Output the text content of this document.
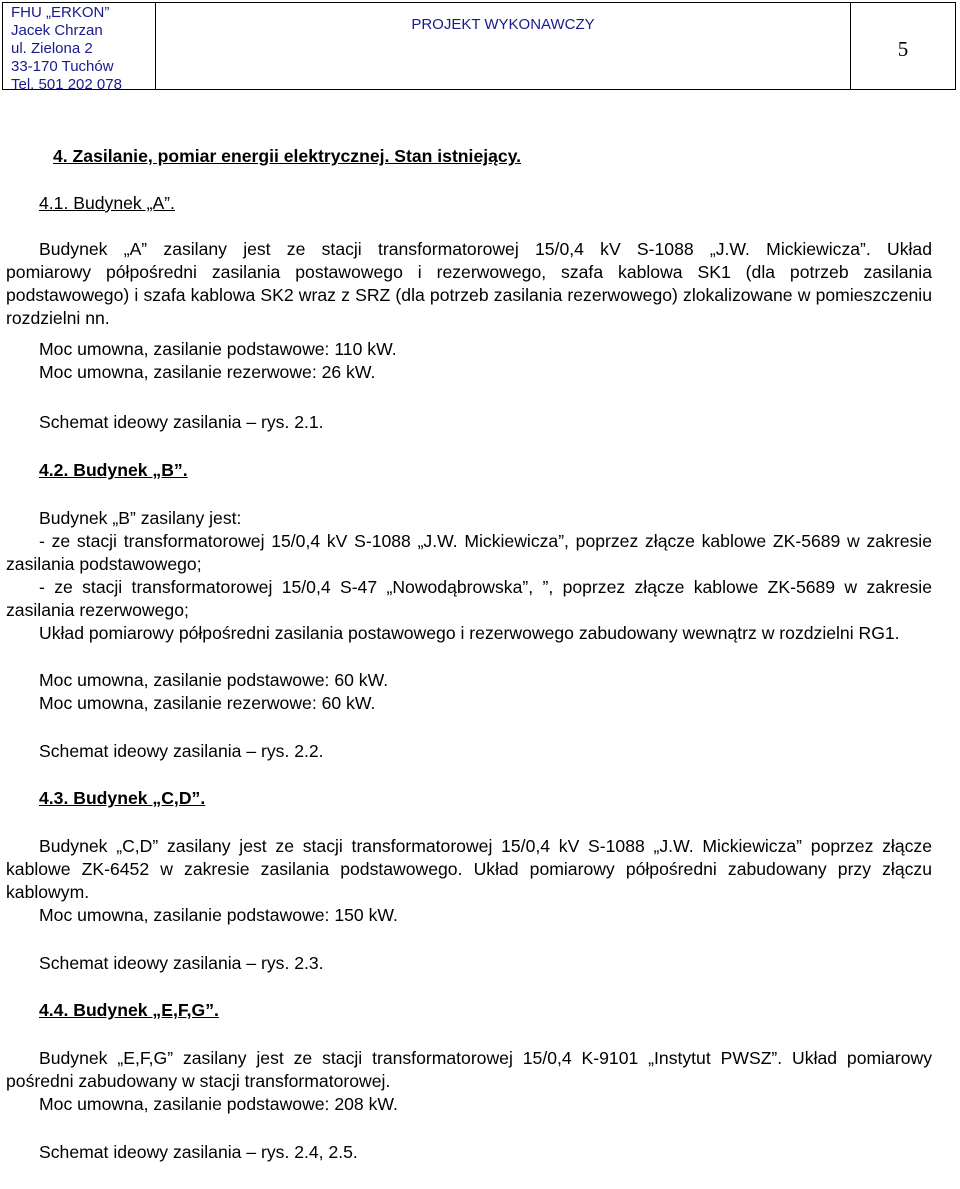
FHU „ERKON”
Jacek Chrzan
ul. Zielona 2
33-170 Tuchów
Tel. 501 202 078
PROJEKT WYKONAWCZY
5
4. Zasilanie, pomiar energii elektrycznej. Stan istniejący.
4.1. Budynek „A”.
Budynek „A” zasilany jest ze stacji transformatorowej 15/0,4 kV S-1088 „J.W. Mickiewicza”. Układ
pomiarowy półpośredni zasilania postawowego i rezerwowego, szafa kablowa SK1 (dla potrzeb zasilania podstawowego) i szafa kablowa SK2 wraz z SRZ (dla potrzeb zasilania rezerwowego) zlokalizowane w pomieszczeniu rozdzielni nn.
Moc umowna, zasilanie podstawowe: 110 kW.
Moc umowna, zasilanie rezerwowe: 26 kW.
Schemat ideowy zasilania – rys. 2.1.
4.2. Budynek „B”.
Budynek „B” zasilany jest:
- ze stacji transformatorowej 15/0,4 kV S-1088 „J.W. Mickiewicza”, poprzez złącze kablowe ZK-5689 w zakresie zasilania podstawowego;
- ze stacji transformatorowej 15/0,4 S-47 „Nowodąbrowska”, ”, poprzez złącze kablowe ZK-5689 w zakresie zasilania rezerwowego;
Układ pomiarowy półpośredni zasilania postawowego i rezerwowego zabudowany wewnątrz w rozdzielni RG1.
Moc umowna, zasilanie podstawowe: 60 kW.
Moc umowna, zasilanie rezerwowe: 60 kW.
Schemat ideowy zasilania – rys. 2.2.
4.3. Budynek „C,D”.
Budynek „C,D” zasilany jest ze stacji transformatorowej 15/0,4 kV S-1088 „J.W. Mickiewicza” poprzez złącze kablowe ZK-6452 w zakresie zasilania podstawowego. Układ pomiarowy półpośredni zabudowany przy złączu kablowym.
Moc umowna, zasilanie podstawowe: 150 kW.
Schemat ideowy zasilania – rys. 2.3.
4.4. Budynek „E,F,G”.
Budynek „E,F,G” zasilany jest ze stacji transformatorowej 15/0,4 K-9101 „Instytut PWSZ”. Układ pomiarowy pośredni zabudowany w stacji transformatorowej.
Moc umowna, zasilanie podstawowe: 208 kW.
Schemat ideowy zasilania – rys. 2.4, 2.5.
